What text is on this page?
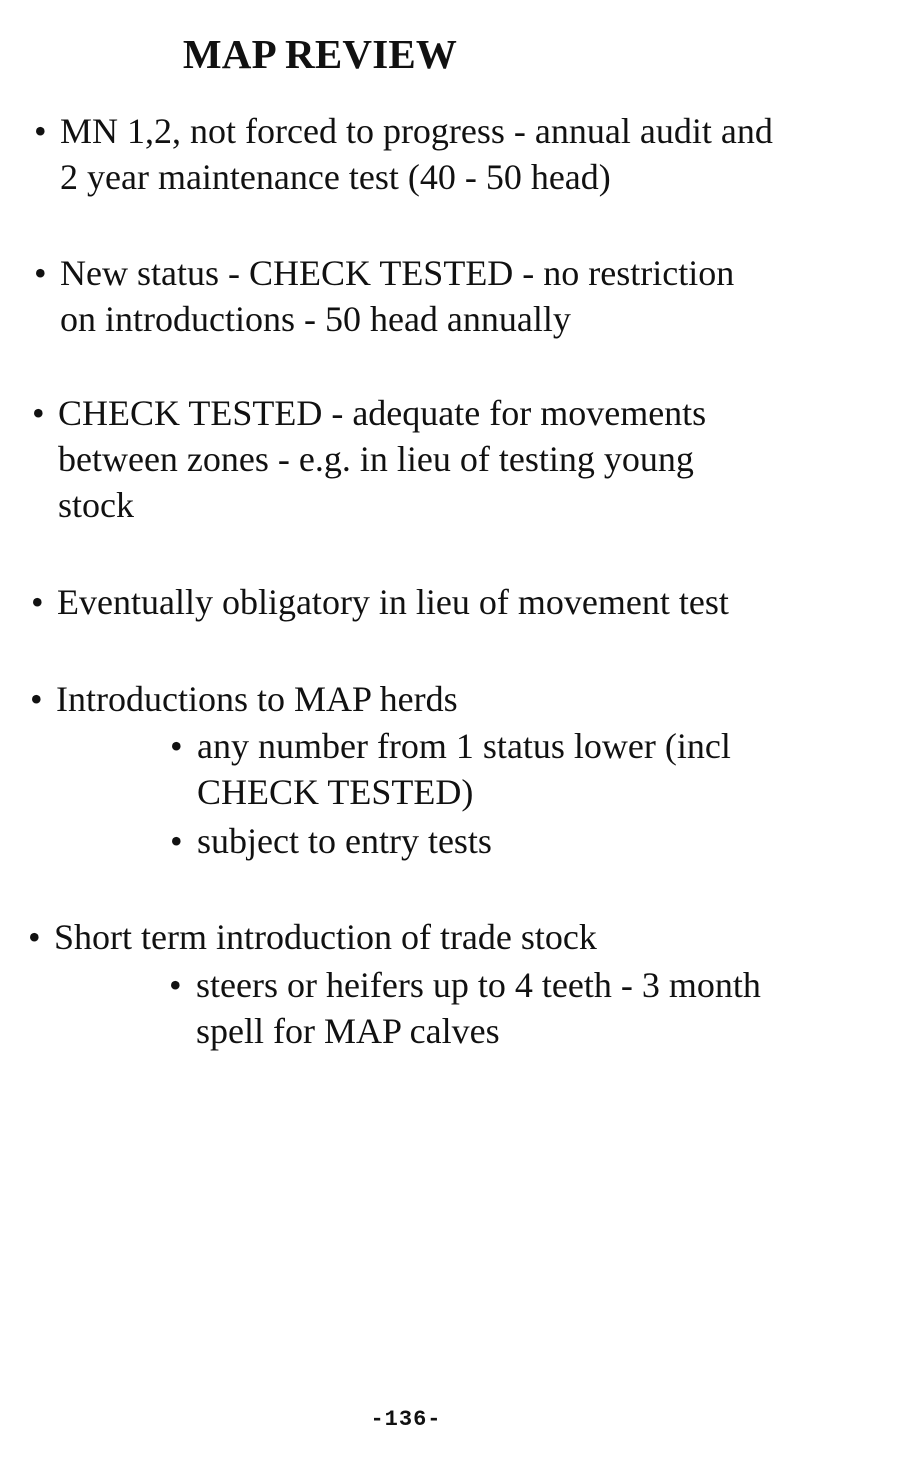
MAP REVIEW
• MN 1,2, not forced to progress - annual audit and
2 year maintenance test (40 - 50 head)
• New status - CHECK TESTED - no restriction
on introductions - 50 head annually
• CHECK TESTED - adequate for movements
between zones - e.g. in lieu of testing young
stock
• Eventually obligatory in lieu of movement test
• Introductions to MAP herds
• any number from 1 status lower (incl
CHECK TESTED)
• subject to entry tests
• Short term introduction of trade stock
• steers or heifers up to 4 teeth - 3 month
spell for MAP calves
-136-
